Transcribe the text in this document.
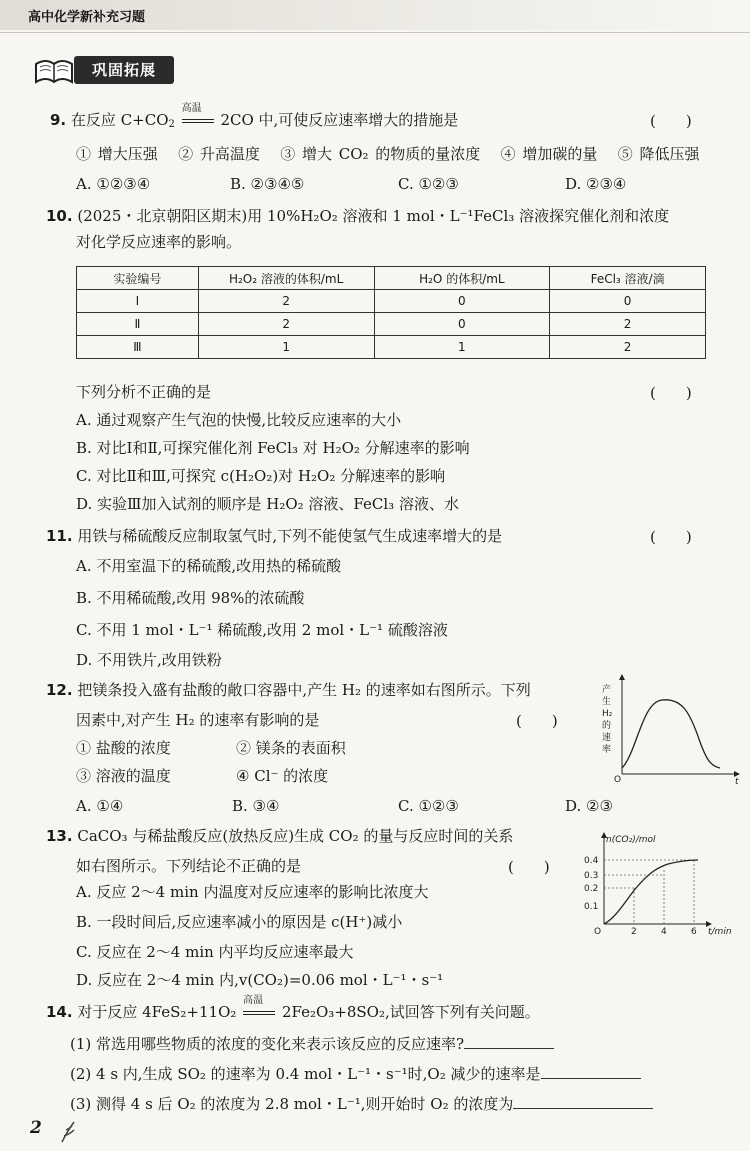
高中化学新补充习题
巩固拓展
9. 在反应 $C+CO_2$
高温
2CO 中,可使反应速率增大的措施是	(　　)
① 增大压强 ② 升高温度 ③ 增大 CO₂ 的物质的量浓度 ④ 增加碳的量 ⑤ 降低压强
A. ①②③④	B. ②③④⑤	C. ①②③	D. ②③④
10. (2025・北京朝阳区期末)用 10%H₂O₂ 溶液和 1 mol・L⁻¹FeCl₃ 溶液探究催化剂和浓度
对化学反应速率的影响。
实验编号	H₂O₂ 溶液的体积/mL	H₂O 的体积/mL	FeCl₃ 溶液/滴
Ⅰ	2	0	0
Ⅱ	2	0	2
Ⅲ	1	1	2
下列分析不正确的是	(　　)
A. 通过观察产生气泡的快慢,比较反应速率的大小
B. 对比Ⅰ和Ⅱ,可探究催化剂 FeCl₃ 对 H₂O₂ 分解速率的影响
C. 对比Ⅱ和Ⅲ,可探究 c(H₂O₂)对 H₂O₂ 分解速率的影响
D. 实验Ⅲ加入试剂的顺序是 H₂O₂ 溶液、FeCl₃ 溶液、水
11. 用铁与稀硫酸反应制取氢气时,下列不能使氢气生成速率增大的是	(　　)
A. 不用室温下的稀硫酸,改用热的稀硫酸
B. 不用稀硫酸,改用 98%的浓硫酸
C. 不用 1 mol・L⁻¹ 稀硫酸,改用 2 mol・L⁻¹ 硫酸溶液
D. 不用铁片,改用铁粉
12. 把镁条投入盛有盐酸的敞口容器中,产生 H₂ 的速率如右图所示。下列
因素中,对产生 H₂ 的速率有影响的是	(　　)
① 盐酸的浓度	② 镁条的表面积
③ 溶液的温度	④ Cl⁻ 的浓度
A. ①④	B. ③④	C. ①②③	D. ②③
O	t
产
生
H₂
的
速
率
13. CaCO₃ 与稀盐酸反应(放热反应)生成 CO₂ 的量与反应时间的关系
如右图所示。下列结论不正确的是	(　　)
A. 反应 2～4 min 内温度对反应速率的影响比浓度大
B. 一段时间后,反应速率减小的原因是 c(H⁺)减小
C. 反应在 2～4 min 内平均反应速率最大
D. 反应在 2～4 min 内,v(CO₂)=0.06 mol・L⁻¹・s⁻¹
n(CO₂)/mol
t/min
O
0.1
0.2
0.3
0.4
2	4	6
14. 对于反应 4FeS₂+11O₂
高温
2Fe₂O₃+8SO₂,试回答下列有关问题。
(1) 常选用哪些物质的浓度的变化来表示该反应的反应速率?
(2) 4 s 内,生成 SO₂ 的速率为 0.4 mol・L⁻¹・s⁻¹时,O₂ 减少的速率是
(3) 测得 4 s 后 O₂ 的浓度为 2.8 mol・L⁻¹,则开始时 O₂ 的浓度为
2
